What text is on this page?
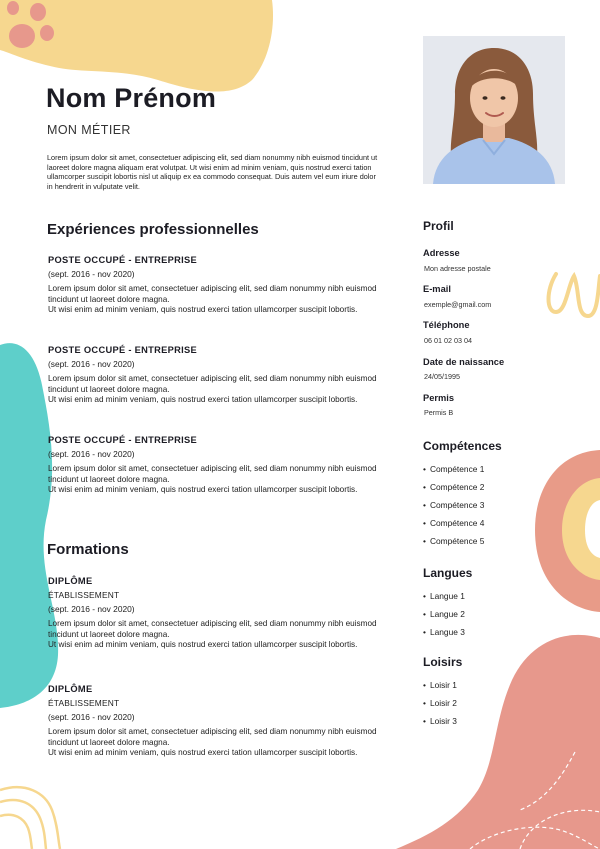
Nom Prénom
MON MÉTIER
Lorem ipsum dolor sit amet, consectetuer adipiscing elit, sed diam nonummy nibh euismod tincidunt ut laoreet dolore magna aliquam erat volutpat. Ut wisi enim ad minim veniam, quis nostrud exerci tation ullamcorper suscipit lobortis nisl ut aliquip ex ea commodo consequat. Duis autem vel eum iriure dolor in hendrerit in vulputate velit.
Expériences professionnelles
POSTE OCCUPÉ - ENTREPRISE
(sept. 2016 - nov 2020)
Lorem ipsum dolor sit amet, consectetuer adipiscing elit, sed diam nonummy nibh euismod tincidunt ut laoreet dolore magna.
Ut wisi enim ad minim veniam, quis nostrud exerci tation ullamcorper suscipit lobortis.
POSTE OCCUPÉ - ENTREPRISE
(sept. 2016 - nov 2020)
Lorem ipsum dolor sit amet, consectetuer adipiscing elit, sed diam nonummy nibh euismod tincidunt ut laoreet dolore magna.
Ut wisi enim ad minim veniam, quis nostrud exerci tation ullamcorper suscipit lobortis.
POSTE OCCUPÉ - ENTREPRISE
(sept. 2016 - nov 2020)
Lorem ipsum dolor sit amet, consectetuer adipiscing elit, sed diam nonummy nibh euismod tincidunt ut laoreet dolore magna.
Ut wisi enim ad minim veniam, quis nostrud exerci tation ullamcorper suscipit lobortis.
Formations
DIPLÔME
ÉTABLISSEMENT
(sept. 2016 - nov 2020)
Lorem ipsum dolor sit amet, consectetuer adipiscing elit, sed diam nonummy nibh euismod tincidunt ut laoreet dolore magna.
Ut wisi enim ad minim veniam, quis nostrud exerci tation ullamcorper suscipit lobortis.
DIPLÔME
ÉTABLISSEMENT
(sept. 2016 - nov 2020)
Lorem ipsum dolor sit amet, consectetuer adipiscing elit, sed diam nonummy nibh euismod tincidunt ut laoreet dolore magna.
Ut wisi enim ad minim veniam, quis nostrud exerci tation ullamcorper suscipit lobortis.
Profil
Adresse
Mon adresse postale
E-mail
exemple@gmail.com
Téléphone
06 01 02 03 04
Date de naissance
24/05/1995
Permis
Permis B
Compétences
• Compétence 1
• Compétence 2
• Compétence 3
• Compétence 4
• Compétence 5
Langues
• Langue 1
• Langue 2
• Langue 3
Loisirs
• Loisir 1
• Loisir 2
• Loisir 3
